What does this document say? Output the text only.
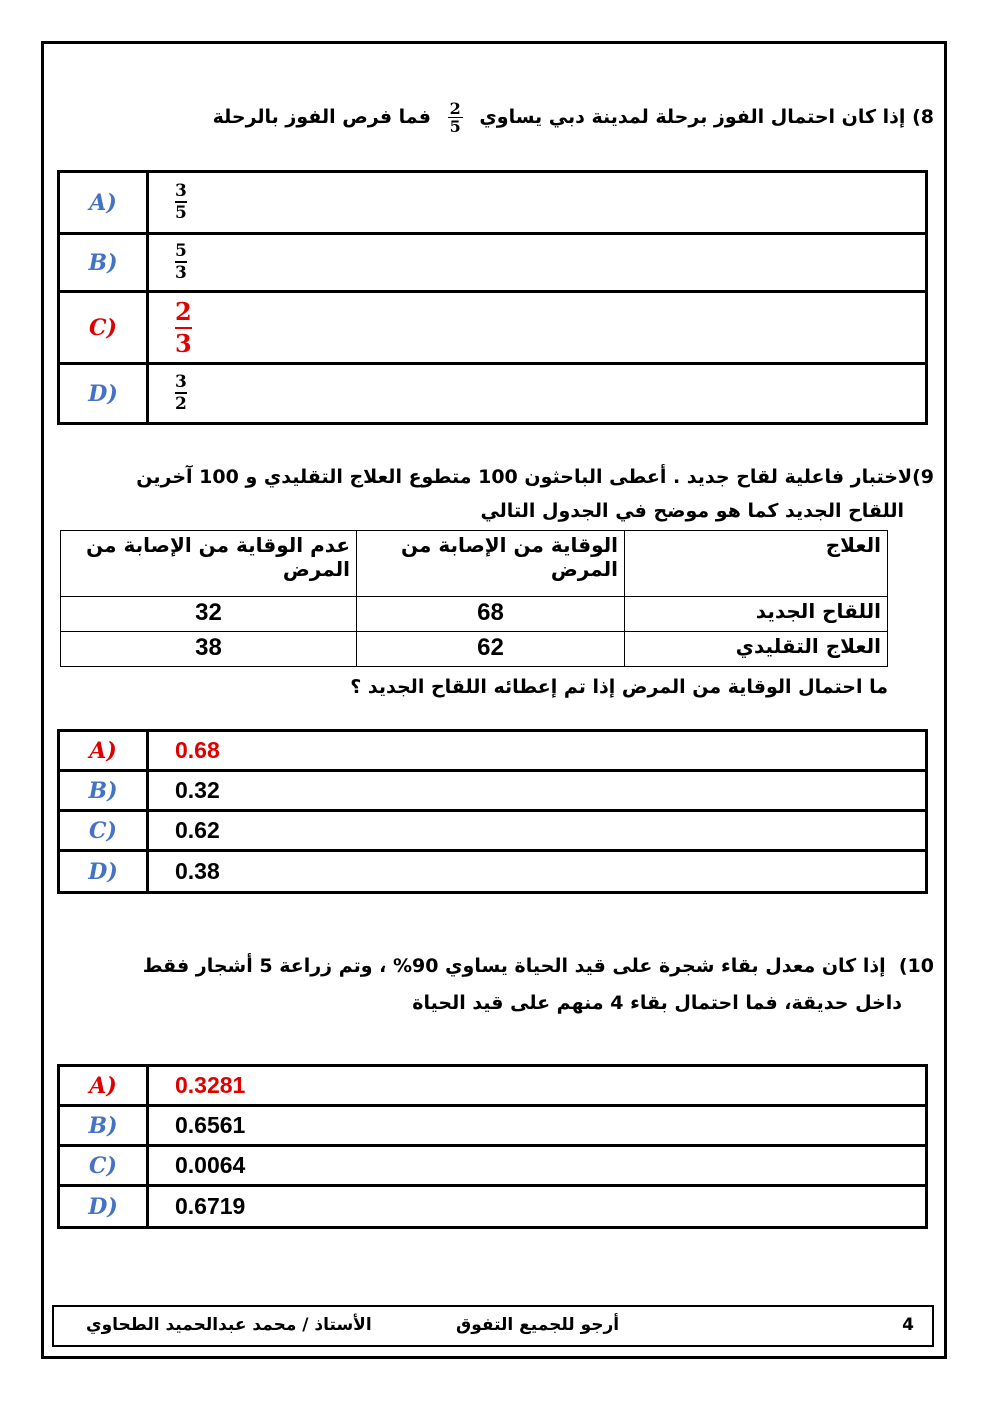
8) إذا كان احتمال الفوز برحلة لمدينة دبي يساوي
$\frac{2}{5}$
فما فرص الفوز بالرحلة
A)	$\frac{3}{5}$
B)	$\frac{5}{3}$
C)	$\frac{2}{3}$
D)	$\frac{3}{2}$
9)لاختبار فاعلية لقاح جديد . أعطى الباحثون 100 متطوع العلاج التقليدي و 100 آخرين
اللقاح الجديد كما هو موضح في الجدول التالي
العلاج	الوقاية من الإصابة من المرض	عدم الوقاية من الإصابة من المرض
اللقاح الجديد	68	32
العلاج التقليدي	62	38
ما احتمال الوقاية من المرض إذا تم إعطائه اللقاح الجديد ؟
A)	0.68
B)	0.32
C)	0.62
D)	0.38
10)  إذا كان معدل بقاء شجرة على قيد الحياة يساوي 90% ، وتم زراعة 5 أشجار فقط
داخل حديقة، فما احتمال بقاء 4 منهم على قيد الحياة
A)	0.3281
B)	0.6561
C)	0.0064
D)	0.6719
الأستاذ / محمد عبدالحميد الطحاوي	أرجو للجميع التفوق	4
